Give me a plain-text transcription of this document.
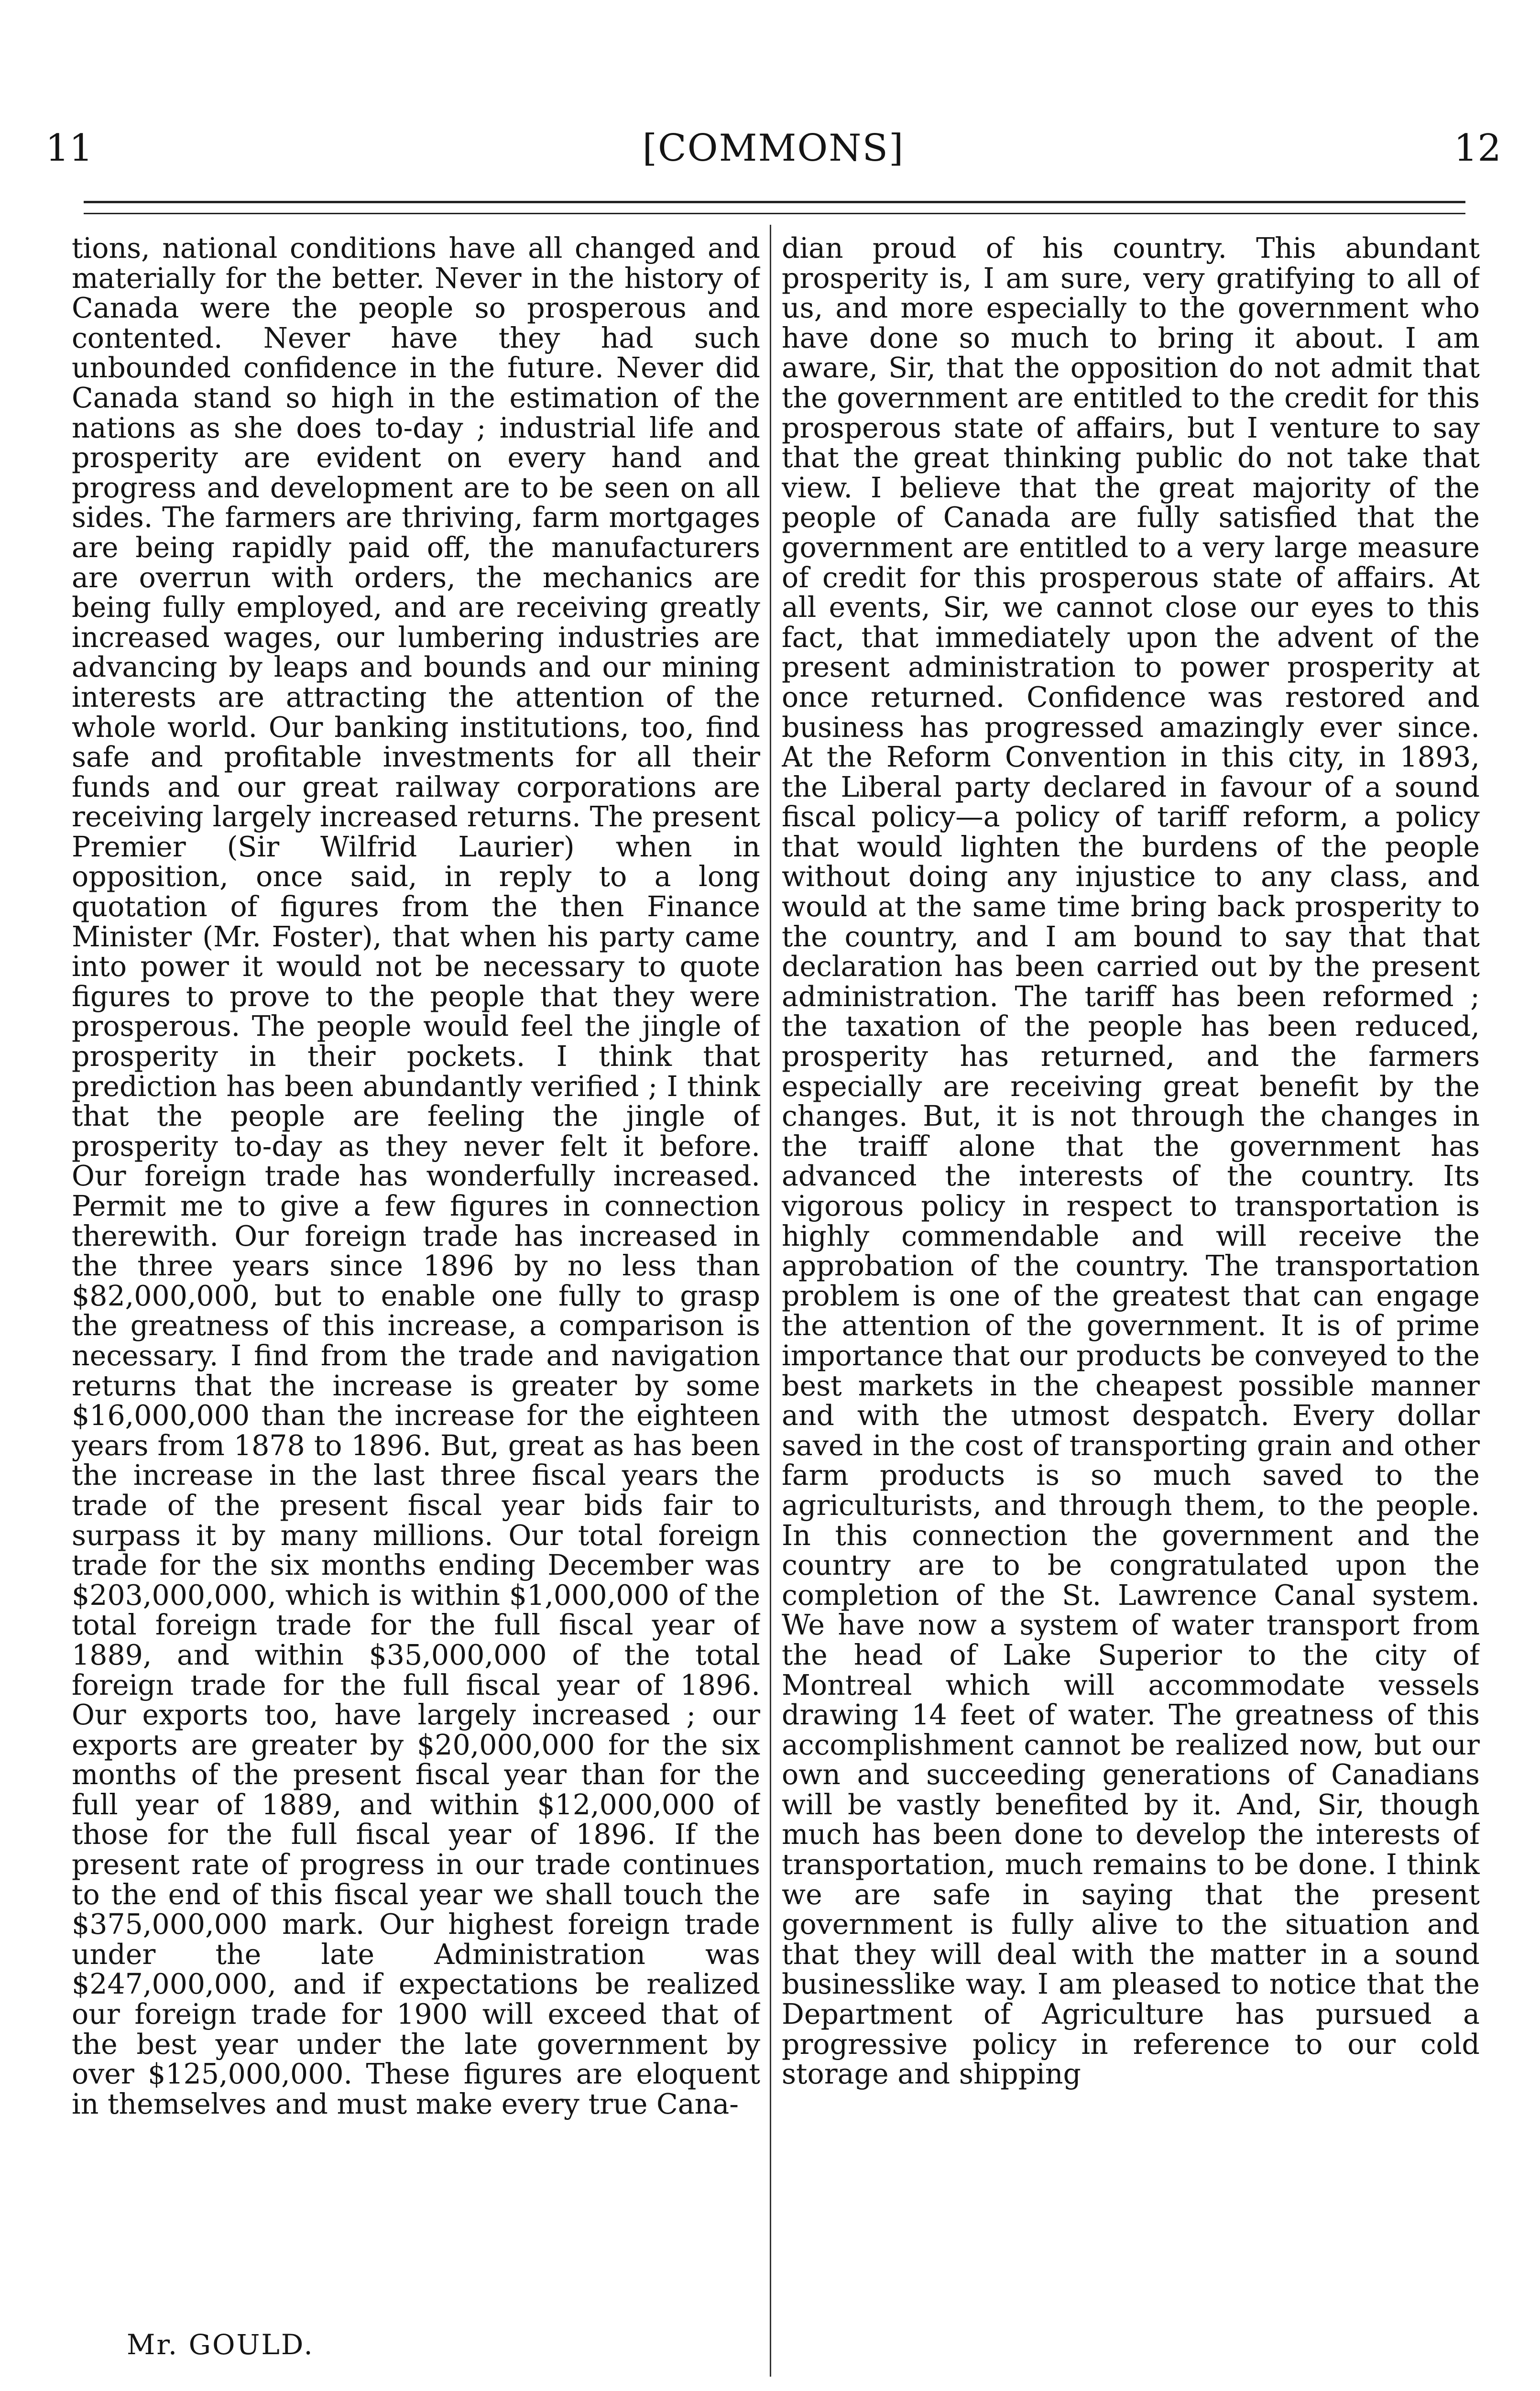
11	[COMMONS]	12

tions, national conditions have all changed and materially for the better. Never in the history of Canada were the people so prosperous and contented. Never have they had such unbounded confidence in the future. Never did Canada stand so high in the estimation of the nations as she does to-day ; industrial life and prosperity are evident on every hand and progress and development are to be seen on all sides. The farmers are thriving, farm mortgages are being rapidly paid off, the manufacturers are overrun with orders, the mechanics are being fully employed, and are receiving greatly increased wages, our lumbering industries are advancing by leaps and bounds and our mining interests are attracting the attention of the whole world. Our banking institutions, too, find safe and profitable investments for all their funds and our great railway corporations are receiving largely increased returns. The present Premier (Sir Wilfrid Laurier) when in opposition, once said, in reply to a long quotation of figures from the then Finance Minister (Mr. Foster), that when his party came into power it would not be necessary to quote figures to prove to the people that they were prosperous. The people would feel the jingle of prosperity in their pockets. I think that prediction has been abundantly verified ; I think that the people are feeling the jingle of prosperity to-day as they never felt it before. Our foreign trade has wonderfully increased. Permit me to give a few figures in connection therewith. Our foreign trade has increased in the three years since 1896 by no less than $82,000,000, but to enable one fully to grasp the greatness of this increase, a comparison is necessary. I find from the trade and navigation returns that the increase is greater by some $16,000,000 than the increase for the eighteen years from 1878 to 1896. But, great as has been the increase in the last three fiscal years the trade of the present fiscal year bids fair to surpass it by many millions. Our total foreign trade for the six months ending December was $203,000,000, which is within $1,000,000 of the total foreign trade for the full fiscal year of 1889, and within $35,000,000 of the total foreign trade for the full fiscal year of 1896. Our exports too, have largely increased ; our exports are greater by $20,000,000 for the six months of the present fiscal year than for the full year of 1889, and within $12,000,000 of those for the full fiscal year of 1896. If the present rate of progress in our trade continues to the end of this fiscal year we shall touch the $375,000,000 mark. Our highest foreign trade under the late Administration was $247,000,000, and if expectations be realized our foreign trade for 1900 will exceed that of the best year under the late government by over $125,000,000. These figures are eloquent in themselves and must make every true Cana-

dian proud of his country. This abundant prosperity is, I am sure, very gratifying to all of us, and more especially to the government who have done so much to bring it about. I am aware, Sir, that the opposition do not admit that the government are entitled to the credit for this prosperous state of affairs, but I venture to say that the great thinking public do not take that view. I believe that the great majority of the people of Canada are fully satisfied that the government are entitled to a very large measure of credit for this prosperous state of affairs. At all events, Sir, we cannot close our eyes to this fact, that immediately upon the advent of the present administration to power prosperity at once returned. Confidence was restored and business has progressed amazingly ever since. At the Reform Convention in this city, in 1893, the Liberal party declared in favour of a sound fiscal policy—a policy of tariff reform, a policy that would lighten the burdens of the people without doing any injustice to any class, and would at the same time bring back prosperity to the country, and I am bound to say that that declaration has been carried out by the present administration. The tariff has been reformed ; the taxation of the people has been reduced, prosperity has returned, and the farmers especially are receiving great benefit by the changes. But, it is not through the changes in the traiff alone that the government has advanced the interests of the country. Its vigorous policy in respect to transportation is highly commendable and will receive the approbation of the country. The transportation problem is one of the greatest that can engage the attention of the government. It is of prime importance that our products be conveyed to the best markets in the cheapest possible manner and with the utmost despatch. Every dollar saved in the cost of transporting grain and other farm products is so much saved to the agriculturists, and through them, to the people. In this connection the government and the country are to be congratulated upon the completion of the St. Lawrence Canal system. We have now a system of water transport from the head of Lake Superior to the city of Montreal which will accommodate vessels drawing 14 feet of water. The greatness of this accomplishment cannot be realized now, but our own and succeeding generations of Canadians will be vastly benefited by it. And, Sir, though much has been done to develop the interests of transportation, much remains to be done. I think we are safe in saying that the present government is fully alive to the situation and that they will deal with the matter in a sound businesslike way. I am pleased to notice that the Department of Agriculture has pursued a progressive policy in reference to our cold storage and shipping

Mr. GOULD.
